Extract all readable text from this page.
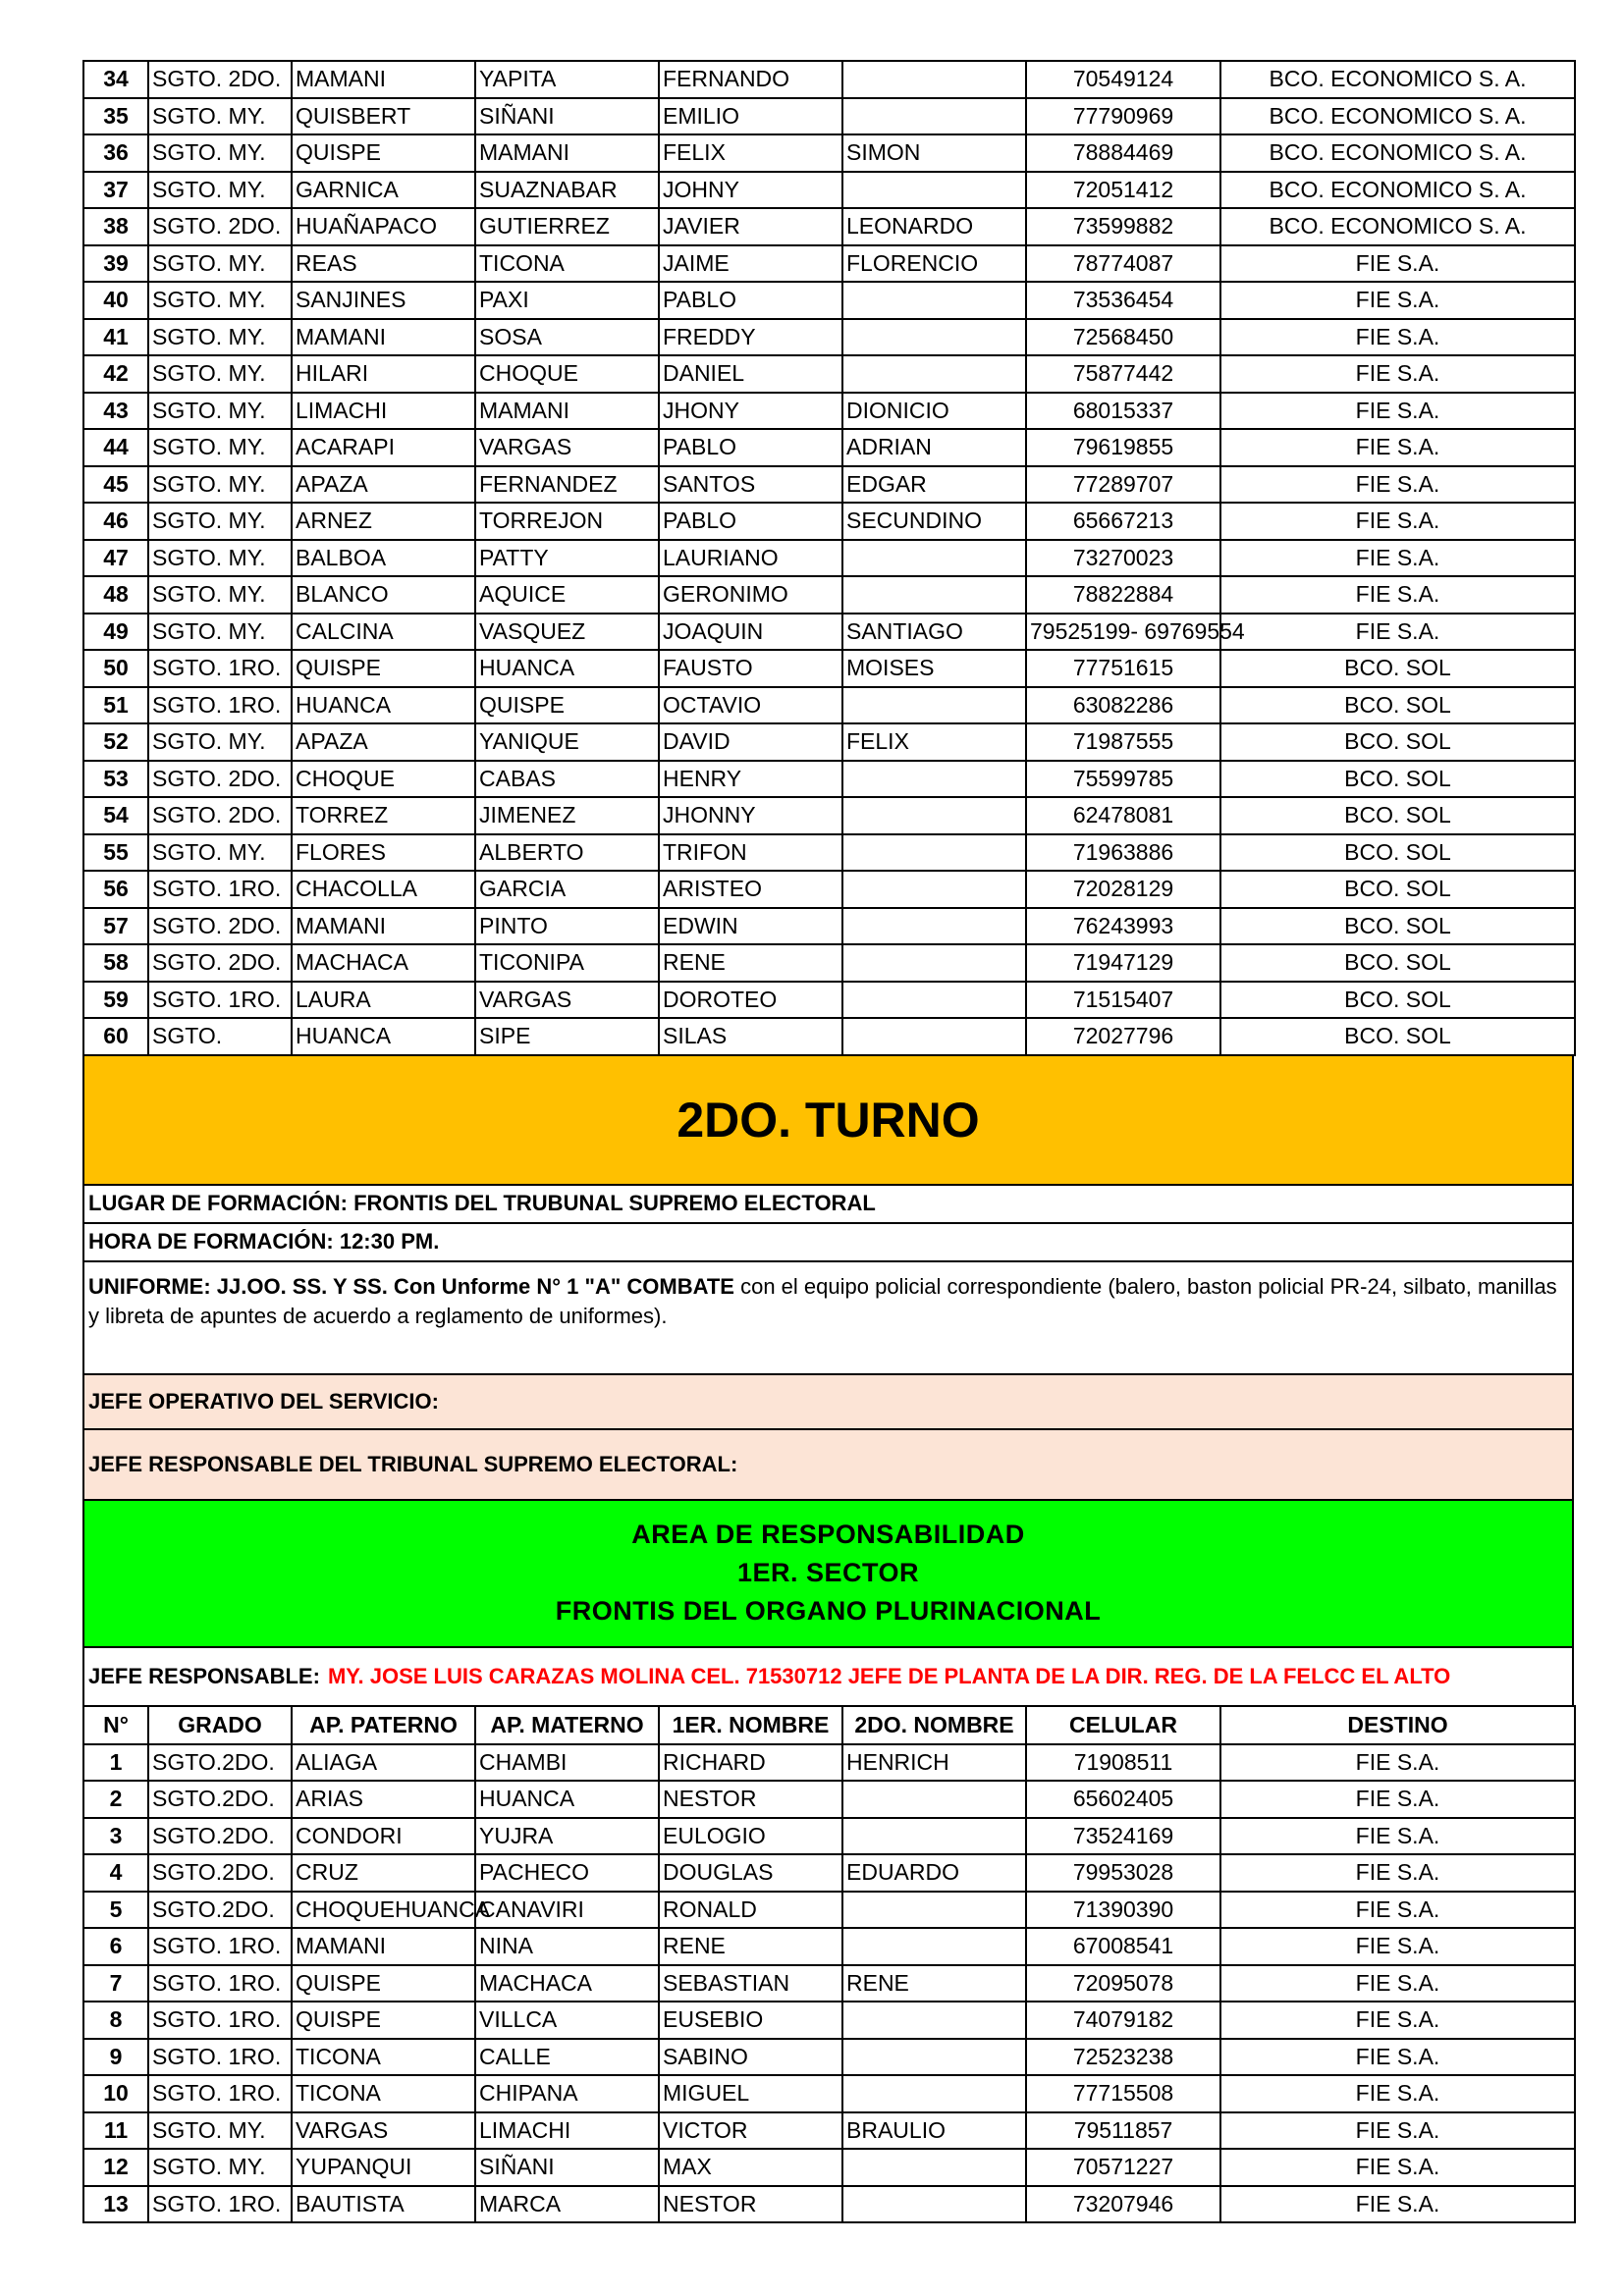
34	SGTO. 2DO.	MAMANI	YAPITA	FERNANDO		70549124	BCO. ECONOMICO S. A.
35	SGTO. MY.	QUISBERT	SIÑANI	EMILIO		77790969	BCO. ECONOMICO S. A.
36	SGTO. MY.	QUISPE	MAMANI	FELIX	SIMON	78884469	BCO. ECONOMICO S. A.
37	SGTO. MY.	GARNICA	SUAZNABAR	JOHNY		72051412	BCO. ECONOMICO S. A.
38	SGTO. 2DO.	HUAÑAPACO	GUTIERREZ	JAVIER	LEONARDO	73599882	BCO. ECONOMICO S. A.
39	SGTO. MY.	REAS	TICONA	JAIME	FLORENCIO	78774087	FIE S.A.
40	SGTO. MY.	SANJINES	PAXI	PABLO		73536454	FIE S.A.
41	SGTO. MY.	MAMANI	SOSA	FREDDY		72568450	FIE S.A.
42	SGTO. MY.	HILARI	CHOQUE	DANIEL		75877442	FIE S.A.
43	SGTO. MY.	LIMACHI	MAMANI	JHONY	DIONICIO	68015337	FIE S.A.
44	SGTO. MY.	ACARAPI	VARGAS	PABLO	ADRIAN	79619855	FIE S.A.
45	SGTO. MY.	APAZA	FERNANDEZ	SANTOS	EDGAR	77289707	FIE S.A.
46	SGTO. MY.	ARNEZ	TORREJON	PABLO	SECUNDINO	65667213	FIE S.A.
47	SGTO. MY.	BALBOA	PATTY	LAURIANO		73270023	FIE S.A.
48	SGTO. MY.	BLANCO	AQUICE	GERONIMO		78822884	FIE S.A.
49	SGTO. MY.	CALCINA	VASQUEZ	JOAQUIN	SANTIAGO	79525199- 69769554	FIE S.A.
50	SGTO. 1RO.	QUISPE	HUANCA	FAUSTO	MOISES	77751615	BCO. SOL
51	SGTO. 1RO.	HUANCA	QUISPE	OCTAVIO		63082286	BCO. SOL
52	SGTO. MY.	APAZA	YANIQUE	DAVID	FELIX	71987555	BCO. SOL
53	SGTO. 2DO.	CHOQUE	CABAS	HENRY		75599785	BCO. SOL
54	SGTO. 2DO.	TORREZ	JIMENEZ	JHONNY		62478081	BCO. SOL
55	SGTO. MY.	FLORES	ALBERTO	TRIFON		71963886	BCO. SOL
56	SGTO. 1RO.	CHACOLLA	GARCIA	ARISTEO		72028129	BCO. SOL
57	SGTO. 2DO.	MAMANI	PINTO	EDWIN		76243993	BCO. SOL
58	SGTO. 2DO.	MACHACA	TICONIPA	RENE		71947129	BCO. SOL
59	SGTO. 1RO.	LAURA	VARGAS	DOROTEO		71515407	BCO. SOL
60	SGTO.	HUANCA	SIPE	SILAS		72027796	BCO. SOL
2DO. TURNO
LUGAR DE FORMACIÓN: FRONTIS DEL TRUBUNAL SUPREMO ELECTORAL
HORA DE FORMACIÓN: 12:30 PM.
UNIFORME: JJ.OO. SS. Y SS. Con Unforme N° 1 "A" COMBATE con el equipo policial correspondiente (balero, baston policial PR-24, silbato, manillas y libreta de apuntes de acuerdo a reglamento de uniformes).
JEFE OPERATIVO DEL SERVICIO:
JEFE RESPONSABLE DEL TRIBUNAL SUPREMO ELECTORAL:
AREA DE RESPONSABILIDAD
1ER. SECTOR
FRONTIS DEL ORGANO PLURINACIONAL
JEFE RESPONSABLE: MY. JOSE LUIS CARAZAS MOLINA CEL. 71530712 JEFE DE PLANTA DE LA DIR. REG. DE LA FELCC EL ALTO
N°	GRADO	AP. PATERNO	AP. MATERNO	1ER. NOMBRE	2DO. NOMBRE	CELULAR	DESTINO
1	SGTO.2DO.	ALIAGA	CHAMBI	RICHARD	HENRICH	71908511	FIE S.A.
2	SGTO.2DO.	ARIAS	HUANCA	NESTOR		65602405	FIE S.A.
3	SGTO.2DO.	CONDORI	YUJRA	EULOGIO		73524169	FIE S.A.
4	SGTO.2DO.	CRUZ	PACHECO	DOUGLAS	EDUARDO	79953028	FIE S.A.
5	SGTO.2DO.	CHOQUEHUANCA	CANAVIRI	RONALD		71390390	FIE S.A.
6	SGTO. 1RO.	MAMANI	NINA	RENE		67008541	FIE S.A.
7	SGTO. 1RO.	QUISPE	MACHACA	SEBASTIAN	RENE	72095078	FIE S.A.
8	SGTO. 1RO.	QUISPE	VILLCA	EUSEBIO		74079182	FIE S.A.
9	SGTO. 1RO.	TICONA	CALLE	SABINO		72523238	FIE S.A.
10	SGTO. 1RO.	TICONA	CHIPANA	MIGUEL		77715508	FIE S.A.
11	SGTO. MY.	VARGAS	LIMACHI	VICTOR	BRAULIO	79511857	FIE S.A.
12	SGTO. MY.	YUPANQUI	SIÑANI	MAX		70571227	FIE S.A.
13	SGTO. 1RO.	BAUTISTA	MARCA	NESTOR		73207946	FIE S.A.
